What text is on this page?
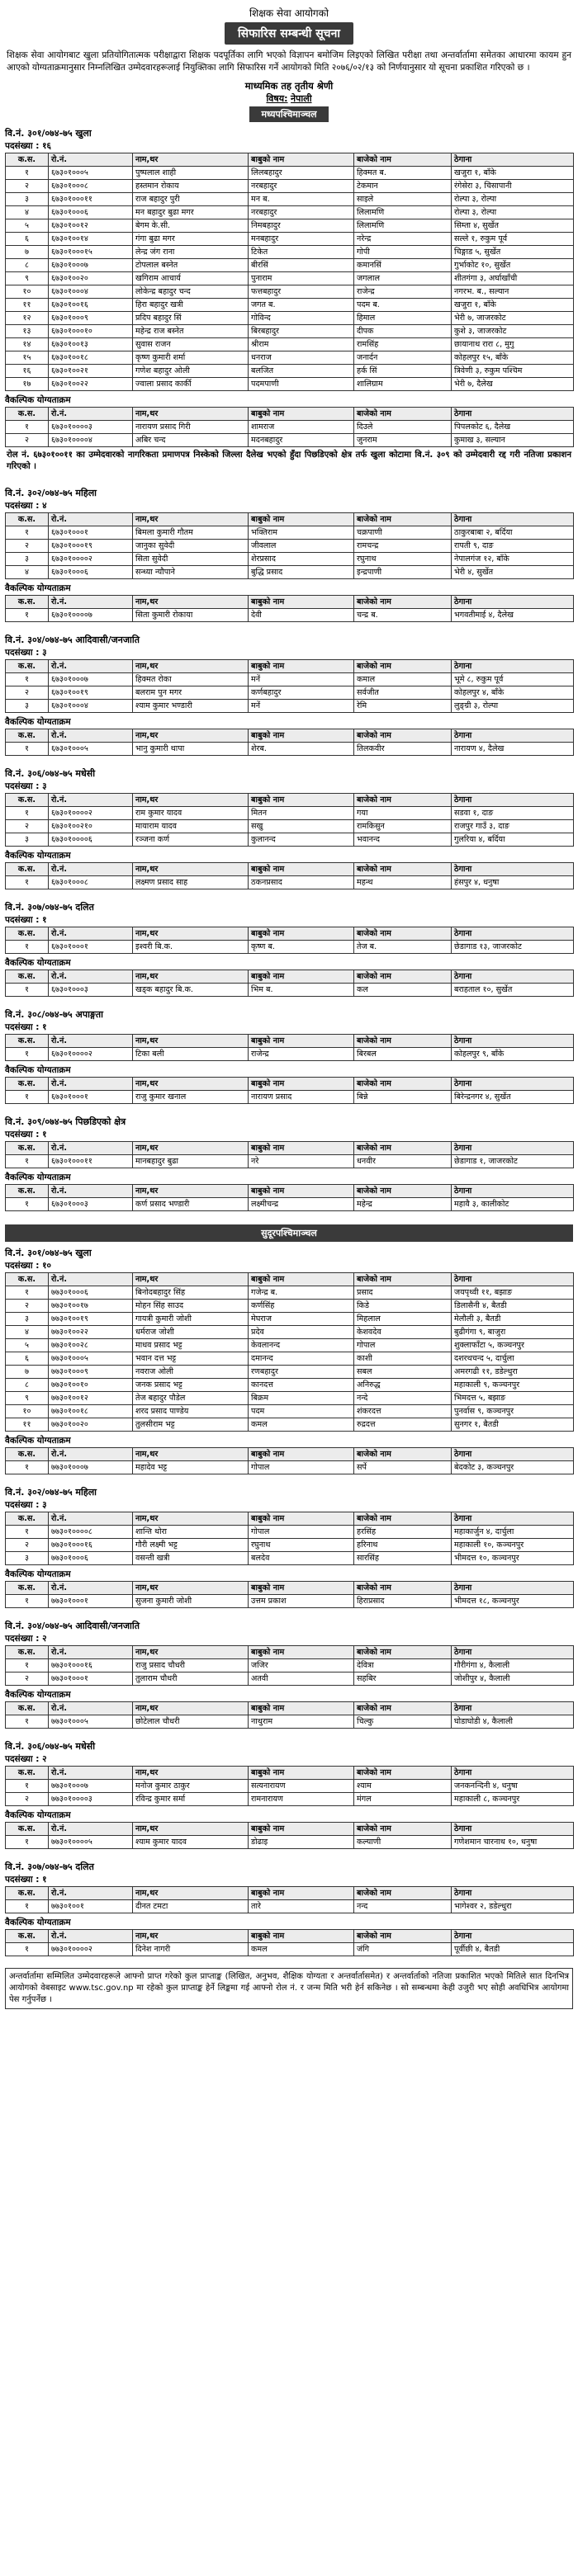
शिक्षक सेवा आयोगको
सिफारिस सम्बन्धी सूचना
शिक्षक सेवा आयोगबाट खुला प्रतियोगितात्मक परीक्षाद्वारा शिक्षक पदपूर्तिका लागि भएको विज्ञापन बमोजिम लिइएको लिखित परीक्षा तथा अन्तर्वार्तामा समेतका आधारमा कायम हुन आएको योग्यताक्रमानुसार निम्नलिखित उम्मेदवारहरूलाई नियुक्तिका लागि सिफारिस गर्ने आयोगको मिति २०७६/०२/१३ को निर्णयानुसार यो सूचना प्रकाशित गरिएको छ ।
माध्यमिक तह तृतीय श्रेणी
विषय: नेपाली
मध्यपश्चिमाञ्चल
वि.नं. ३०१/०७४-७५ खुला
पदसंख्या : १६
क.स.	रो.नं.	नाम,थर	बाबुको नाम	बाजेको नाम	ठेगाना
१	६७३०१०००५	पुष्पलाल शाही	लिलबहादुर	हिक्मत ब.	खजुरा १, बाँके
२	६७३०१०००८	हस्तमान रोकाय	नरबहादुर	टेकमान	रंगेसेरा ३, चिसापानी
३	६७३०१०००११	राज बहादुर पुरी	मन ब.	साइले	रोल्पा ३, रोल्पा
४	६७३०१०००६	मन बहादुर बुढा मगर	नरबहादुर	लिलामणि	रोल्पा ३, रोल्पा
५	६७३०१००१२	बेगम के.सी.	निमबहादुर	लिलामणि	सिम्ता ४, सुर्खेत
६	६७३०१००१४	गंगा बुढा मगर	मनबहादुर	नरेन्द्र	सल्ले १, रुकुम पूर्व
७	६७३०१०००१५	लेन्द्र जंग राना	टिकेत	गोपी	चिङ्गाड ५, सुर्खेत
८	६७३०१०००७	टोपलाल बस्नेत	बीरसिं	कमानसिं	गुर्भाकोट १०, सुर्खेत
९	६७३०१००२०	खगिराम आचार्य	पुनाराम	जगलाल	शीतगंगा ३, अर्घाखाँची
१०	६७३०१०००४	लोकेन्द्र बहादुर चन्द	फत्तबहादुर	राजेन्द्र	नगरभ. ब., सल्यान
११	६७३०१००१६	हिरा बहादुर खत्री	जगत ब.	पदम ब.	खजुरा १, बाँके
१२	६७३०१०००९	प्रदिप बहादुर सिं	गोविन्द	हिमाल	भेरी ७, जाजरकोट
१३	६७३०१०००१०	महेन्द्र राज बस्नेत	बिरबहादुर	दीपक	कुशे ३, जाजरकोट
१४	६७३०१००१३	सुवास राजन	श्रीराम	रामसिंह	छायानाथ रारा ८, मुगु
१५	६७३०१००१८	कृष्ण कुमारी शर्मा	धनराज	जनार्दन	कोहलपुर १५, बाँके
१६	६७३०१००२१	गणेश बहादुर ओली	बलजित	हर्क सिं	त्रिवेणी ३, रुकुम पश्चिम
१७	६७३०१००२२	ज्वाला प्रसाद कार्की	पदमपाणी	शालिग्राम	भेरी ७, दैलेख
वैकल्पिक योग्यताक्रम
क.स.	रो.नं.	नाम,थर	बाबुको नाम	बाजेको नाम	ठेगाना
१	६७३०१००००३	नारायण प्रसाद गिरी	शामराज	दिउले	पिपलकोट ६, दैलेख
२	६७३०१००००४	अबिर चन्द	मदनबहादुर	जुनराम	कुमाख ३, सल्यान
रोल नं. ६७३०१००११ का उम्मेदवारको नागरिकता प्रमाणपत्र निस्केको जिल्ला दैलेख भएको हुँदा पिछडिएको क्षेत्र तर्फ खुला कोटामा वि.नं. ३०९ को उम्मेदवारी रद्द गरी नतिजा प्रकाशन गरिएको ।
वि.नं. ३०२/०७४-७५ महिला
पदसंख्या : ४
क.स.	रो.नं.	नाम,थर	बाबुको नाम	बाजेको नाम	ठेगाना
१	६७३०१०००१	बिमला कुमारी गौतम	भक्तिराम	चक्रपाणी	ठाकुरबाबा २, बर्दिया
२	६७३०१०००१९	जानुका सुवेदी	जीवलाल	रामचन्द्र	रापती ९, दाङ
३	६७३०१००००२	सिता सुवेदी	शेरप्रसाद	रघुनाथ	नेपालगंज १२, बाँके
४	६७३०१०००६	सन्ध्या न्यौपाने	बुद्धि प्रसाद	इन्द्रपाणी	भेरी ४, सुर्खेत
वैकल्पिक योग्यताक्रम
क.स.	रो.नं.	नाम,थर	बाबुको नाम	बाजेको नाम	ठेगाना
१	६७३०१००००७	सिता कुमारी रोकाया	देवी	चन्द्र ब.	भगवतीमाई ४, दैलेख
वि.नं. ३०४/०७४-७५ आदिवासी/जनजाति
पदसंख्या : ३
क.स.	रो.नं.	नाम,थर	बाबुको नाम	बाजेको नाम	ठेगाना
१	६७३०१०००७	हिक्मत रोका	मनें	कमाल	भूमे ८, रुकुम पूर्व
२	६७३०१००१९	बलराम पुन मगर	कर्णबहादुर	सर्वजीत	कोहलपुर ४, बाँके
३	६७३०१०००४	श्याम कुमार भण्डारी	मनें	रेमि	लुङ्ग्री ३, रोल्पा
वैकल्पिक योग्यताक्रम
क.स.	रो.नं.	नाम,थर	बाबुको नाम	बाजेको नाम	ठेगाना
१	६७३०१०००५	भानु कुमारी थापा	शेरब.	तिलकवीर	नारायण ४, दैलेख
वि.नं. ३०६/०७४-७५ मधेसी
पदसंख्या : ३
क.स.	रो.नं.	नाम,थर	बाबुको नाम	बाजेको नाम	ठेगाना
१	६७३०१००००२	राम कुमार यादव	मितन	गया	सडवा १, दाङ
२	६७३०१००२१०	मायाराम यादव	सखु	रामकिसुन	राजपुर गाउँ ३, दाङ
३	६७३०१००००६	रञ्जना कर्ण	कुलानन्द	भवानन्द	गुलरिया ४, बर्दिया
वैकल्पिक योग्यताक्रम
क.स.	रो.नं.	नाम,थर	बाबुको नाम	बाजेको नाम	ठेगाना
१	६७३०१०००८	लक्ष्मण प्रसाद साह	ठकनप्रसाद	महन्थ	हंसपुर ४, धनुषा
वि.नं. ३०७/०७४-७५ दलित
पदसंख्या : १
क.स.	रो.नं.	नाम,थर	बाबुको नाम	बाजेको नाम	ठेगाना
१	६७३०१०००१	इश्वरी बि.क.	कृष्ण ब.	तेज ब.	छेडागाड १३, जाजरकोट
वैकल्पिक योग्यताक्रम
क.स.	रो.नं.	नाम,थर	बाबुको नाम	बाजेको नाम	ठेगाना
१	६७३०१०००३	खड्क बहादुर बि.क.	भिम ब.	कल	बराहताल १०, सुर्खेत
वि.नं. ३०८/०७४-७५ अपाङ्गता
पदसंख्या : १
क.स.	रो.नं.	नाम,थर	बाबुको नाम	बाजेको नाम	ठेगाना
१	६७३०१००००२	टिका बली	राजेन्द्र	बिरबल	कोहलपुर ९, बाँके
वैकल्पिक योग्यताक्रम
क.स.	रो.नं.	नाम,थर	बाबुको नाम	बाजेको नाम	ठेगाना
१	६७३०१०००१	राजु कुमार खनाल	नारायण प्रसाद	बिन्ने	बिरेन्द्रनगर ४, सुर्खेत
वि.नं. ३०९/०७४-७५ पिछडिएको क्षेत्र
पदसंख्या : १
क.स.	रो.नं.	नाम,थर	बाबुको नाम	बाजेको नाम	ठेगाना
१	६७३०१०००११	मानबहादुर बुढा	नरे	धनवीर	छेडागाड १, जाजरकोट
वैकल्पिक योग्यताक्रम
क.स.	रो.नं.	नाम,थर	बाबुको नाम	बाजेको नाम	ठेगाना
१	६७३०१०००३	कर्ण प्रसाद भण्डारी	लक्ष्मीचन्द्र	महेन्द्र	महावै ३, कालीकोट
सुदूरपश्चिमाञ्चल
वि.नं. ३०१/०७४-७५ खुला
पदसंख्या : १०
क.स.	रो.नं.	नाम,थर	बाबुको नाम	बाजेको नाम	ठेगाना
१	७७३०१०००६	बिनोदबहादुर सिंह	गजेन्द्र ब.	प्रसाद	जयपृथ्वी ११, बझाङ
२	७७३०१००१७	मोहन सिंह साउद	कर्णसिंह	किडे	डिलासैनी ४, बैतडी
३	७७३०१००१९	गायत्री कुमारी जोशी	मेघराज	मिहलाल	मेलौली ३, बैतडी
४	७७३०१००२२	धर्मराज जोशी	प्रदेव	केशवदेव	बुढीगंगा ९, बाजुरा
५	७७३०१००२८	माधव प्रसाद भट्ट	केवलानन्द	गोपाल	शुक्लाफाँटा ५, कञ्चनपुर
६	७७३०१०००५	भवान दत्त भट्ट	दमानन्द	काशी	दशरथचन्द ५, दार्चुला
७	७७३०१०००९	नवराज ओली	रणबहादुर	सबल	अमरगढी ११, डडेल्धुरा
८	७७३०१००१०	जनक प्रसाद भट्ट	कानदत्त	अनिरुद्ध	महाकाली ९, कञ्चनपुर
९	७७३०१००१२	तेज बहादुर पौडेल	बिक्रम	नन्दे	भिमदत्त ५, बझाङ
१०	७७३०१००१८	शरद प्रसाद पाण्डेय	पदम	शंकरदत्त	पुनर्वास ९, कञ्चनपुर
११	७७३०१००२०	तुलसीराम भट्ट	कमल	रुद्रदत्त	सुनगर १, बैतडी
वैकल्पिक योग्यताक्रम
क.स.	रो.नं.	नाम,थर	बाबुको नाम	बाजेको नाम	ठेगाना
१	७७३०१०००७	महादेव भट्ट	गोपाल	सर्पे	बेदकोट ३, कञ्चनपुर
वि.नं. ३०२/०७४-७५ महिला
पदसंख्या : ३
क.स.	रो.नं.	नाम,थर	बाबुको नाम	बाजेको नाम	ठेगाना
१	७७३०१००००८	शान्ति थोरा	गोपाल	हरसिंह	महाकार्जुन ४, दार्चुला
२	७७३०१०००१६	गौरी लक्ष्मी भट्ट	रघुनाथ	हरिनाथ	महाकाली १०, कञ्चनपुर
३	७७३०१०००६	वसन्ती खत्री	बलदेव	सारसिंह	भीमदत्त १०, कञ्चनपुर
वैकल्पिक योग्यताक्रम
क.स.	रो.नं.	नाम,थर	बाबुको नाम	बाजेको नाम	ठेगाना
१	७७३०१०००१	सुजना कुमारी जोशी	उत्तम प्रकाश	हिराप्रसाद	भीमदत्त १८, कञ्चनपुर
वि.नं. ३०४/०७४-७५ आदिवासी/जनजाति
पदसंख्या : २
क.स.	रो.नं.	नाम,थर	बाबुको नाम	बाजेको नाम	ठेगाना
१	७७३०१०००१६	राजु प्रसाद चौधरी	जजिर	देवित्रा	गौरीगंगा ४, कैलाली
२	७७३०१०००१	तुलाराम चौधरी	अतवी	सहबिर	जोशीपुर ४, कैलाली
वैकल्पिक योग्यताक्रम
क.स.	रो.नं.	नाम,थर	बाबुको नाम	बाजेको नाम	ठेगाना
१	७७३०१०००५	छोटेलाल चौधरी	नाथुराम	चिल्कु	घोडाघोडी ४, कैलाली
वि.नं. ३०६/०७४-७५ मधेसी
पदसंख्या : २
क.स.	रो.नं.	नाम,थर	बाबुको नाम	बाजेको नाम	ठेगाना
१	७७३०१०००७	मनोज कुमार ठाकुर	सत्यनारायण	श्याम	जनकनन्दिनी ४, धनुषा
२	७७३०१००००३	रविन्द्र कुमार सर्मा	रामनारायण	मंगल	महाकाली ८, कञ्चनपुर
वैकल्पिक योग्यताक्रम
क.स.	रो.नं.	नाम,थर	बाबुको नाम	बाजेको नाम	ठेगाना
१	७७३०१००००५	श्याम कुमार यादव	डोढाइ	कल्याणी	गणेशमान चारनाथ १०, धनुषा
वि.नं. ३०७/०७४-७५ दलित
पदसंख्या : १
क.स.	रो.नं.	नाम,थर	बाबुको नाम	बाजेको नाम	ठेगाना
१	७७३०१००१	दीनत टमटा	तारे	नन्द	भागेश्वर २, डडेल्धुरा
वैकल्पिक योग्यताक्रम
क.स.	रो.नं.	नाम,थर	बाबुको नाम	बाजेको नाम	ठेगाना
१	७७३०१००००२	दिनेश नागरी	कमल	जंगि	पूर्वीछी ४, बैतडी
अन्तर्वार्तामा सम्मिलित उम्मेदवारहरूले आफ्नो प्राप्त गरेको कुल प्राप्ताङ्क (लिखित, अनुभव, शैक्षिक योग्यता र अन्तर्वार्तासमेत) र अन्तर्वार्ताको नतिजा प्रकाशित भएको मितिले सात दिनभित्र आयोगको वेबसाइट www.tsc.gov.np मा रहेको कुल प्राप्ताङ्क हेर्ने लिङ्कमा गई आफ्नो रोल नं. र जन्म मिति भरी हेर्न सकिनेछ । सो सम्बन्धमा केही उजुरी भए सोही अवधिभित्र आयोगमा पेस गर्नुपर्नेछ ।
